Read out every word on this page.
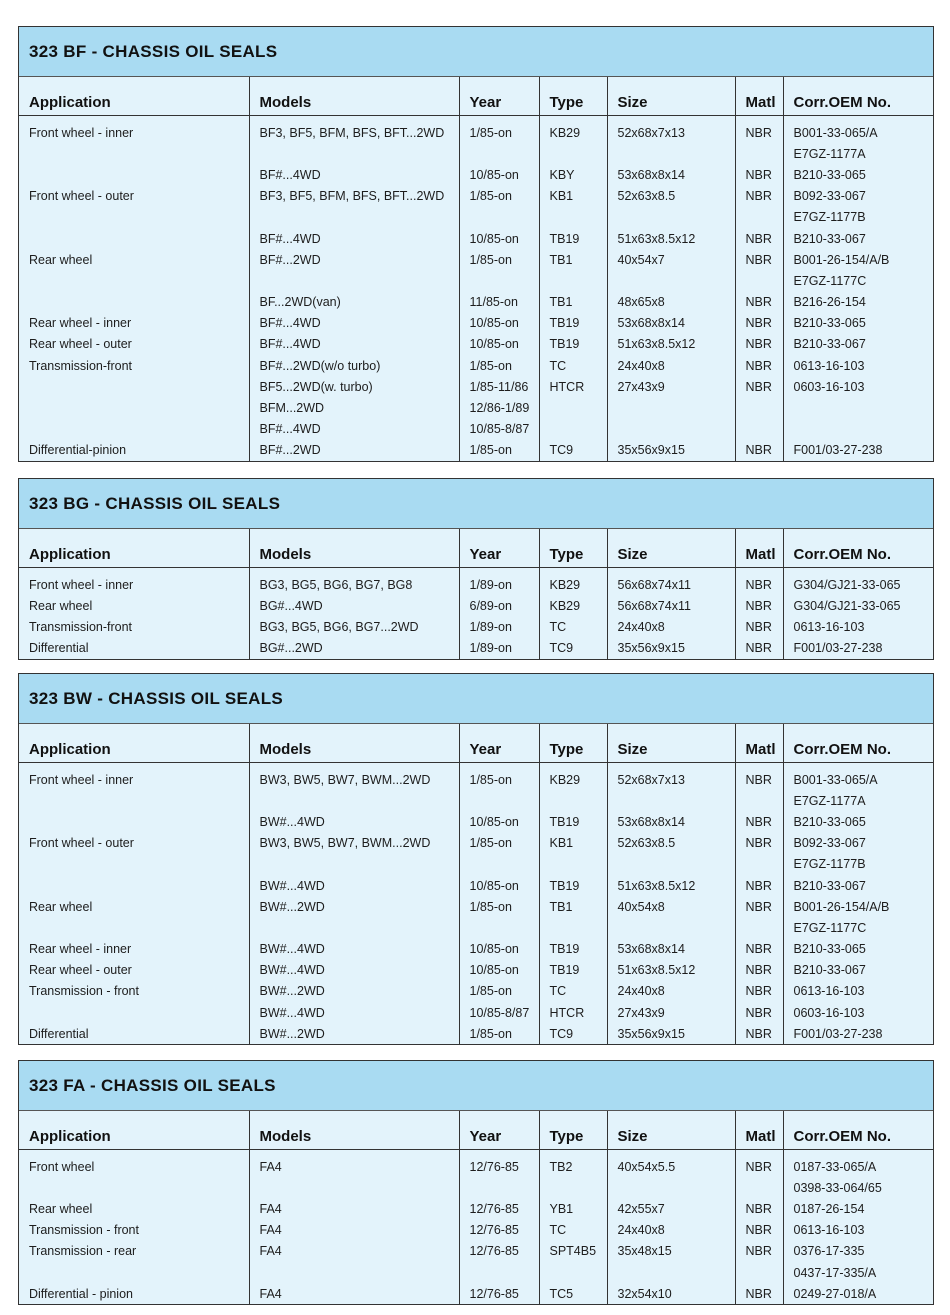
323 BF - CHASSIS OIL SEALS
Application	Models	Year	Type	Size	Matl	Corr.OEM No.
Front wheel - inner	BF3, BF5, BFM, BFS, BFT...2WD	1/85-on	KB29	52x68x7x13	NBR	B001-33-065/A
						E7GZ-1177A
	BF#...4WD	10/85-on	KBY	53x68x8x14	NBR	B210-33-065
Front wheel - outer	BF3, BF5, BFM, BFS, BFT...2WD	1/85-on	KB1	52x63x8.5	NBR	B092-33-067
						E7GZ-1177B
	BF#...4WD	10/85-on	TB19	51x63x8.5x12	NBR	B210-33-067
Rear wheel	BF#...2WD	1/85-on	TB1	40x54x7	NBR	B001-26-154/A/B
						E7GZ-1177C
	BF...2WD(van)	11/85-on	TB1	48x65x8	NBR	B216-26-154
Rear wheel - inner	BF#...4WD	10/85-on	TB19	53x68x8x14	NBR	B210-33-065
Rear wheel - outer	BF#...4WD	10/85-on	TB19	51x63x8.5x12	NBR	B210-33-067
Transmission-front	BF#...2WD(w/o turbo)	1/85-on	TC	24x40x8	NBR	0613-16-103
	BF5...2WD(w. turbo)	1/85-11/86	HTCR	27x43x9	NBR	0603-16-103
	BFM...2WD	12/86-1/89				
	BF#...4WD	10/85-8/87				
Differential-pinion	BF#...2WD	1/85-on	TC9	35x56x9x15	NBR	F001/03-27-238
323 BG - CHASSIS OIL SEALS
Application	Models	Year	Type	Size	Matl	Corr.OEM No.
Front wheel - inner	BG3, BG5, BG6, BG7, BG8	1/89-on	KB29	56x68x74x11	NBR	G304/GJ21-33-065
Rear wheel	BG#...4WD	6/89-on	KB29	56x68x74x11	NBR	G304/GJ21-33-065
Transmission-front	BG3, BG5, BG6, BG7...2WD	1/89-on	TC	24x40x8	NBR	0613-16-103
Differential	BG#...2WD	1/89-on	TC9	35x56x9x15	NBR	F001/03-27-238
323 BW - CHASSIS OIL SEALS
Application	Models	Year	Type	Size	Matl	Corr.OEM No.
Front wheel - inner	BW3, BW5, BW7, BWM...2WD	1/85-on	KB29	52x68x7x13	NBR	B001-33-065/A
						E7GZ-1177A
	BW#...4WD	10/85-on	TB19	53x68x8x14	NBR	B210-33-065
Front wheel - outer	BW3, BW5, BW7, BWM...2WD	1/85-on	KB1	52x63x8.5	NBR	B092-33-067
						E7GZ-1177B
	BW#...4WD	10/85-on	TB19	51x63x8.5x12	NBR	B210-33-067
Rear wheel	BW#...2WD	1/85-on	TB1	40x54x8	NBR	B001-26-154/A/B
						E7GZ-1177C
Rear wheel - inner	BW#...4WD	10/85-on	TB19	53x68x8x14	NBR	B210-33-065
Rear wheel - outer	BW#...4WD	10/85-on	TB19	51x63x8.5x12	NBR	B210-33-067
Transmission - front	BW#...2WD	1/85-on	TC	24x40x8	NBR	0613-16-103
	BW#...4WD	10/85-8/87	HTCR	27x43x9	NBR	0603-16-103
Differential	BW#...2WD	1/85-on	TC9	35x56x9x15	NBR	F001/03-27-238
323 FA - CHASSIS OIL SEALS
Application	Models	Year	Type	Size	Matl	Corr.OEM No.
Front wheel	FA4	12/76-85	TB2	40x54x5.5	NBR	0187-33-065/A
						0398-33-064/65
Rear wheel	FA4	12/76-85	YB1	42x55x7	NBR	0187-26-154
Transmission - front	FA4	12/76-85	TC	24x40x8	NBR	0613-16-103
Transmission - rear	FA4	12/76-85	SPT4B5	35x48x15	NBR	0376-17-335
						0437-17-335/A
Differential - pinion	FA4	12/76-85	TC5	32x54x10	NBR	0249-27-018/A
